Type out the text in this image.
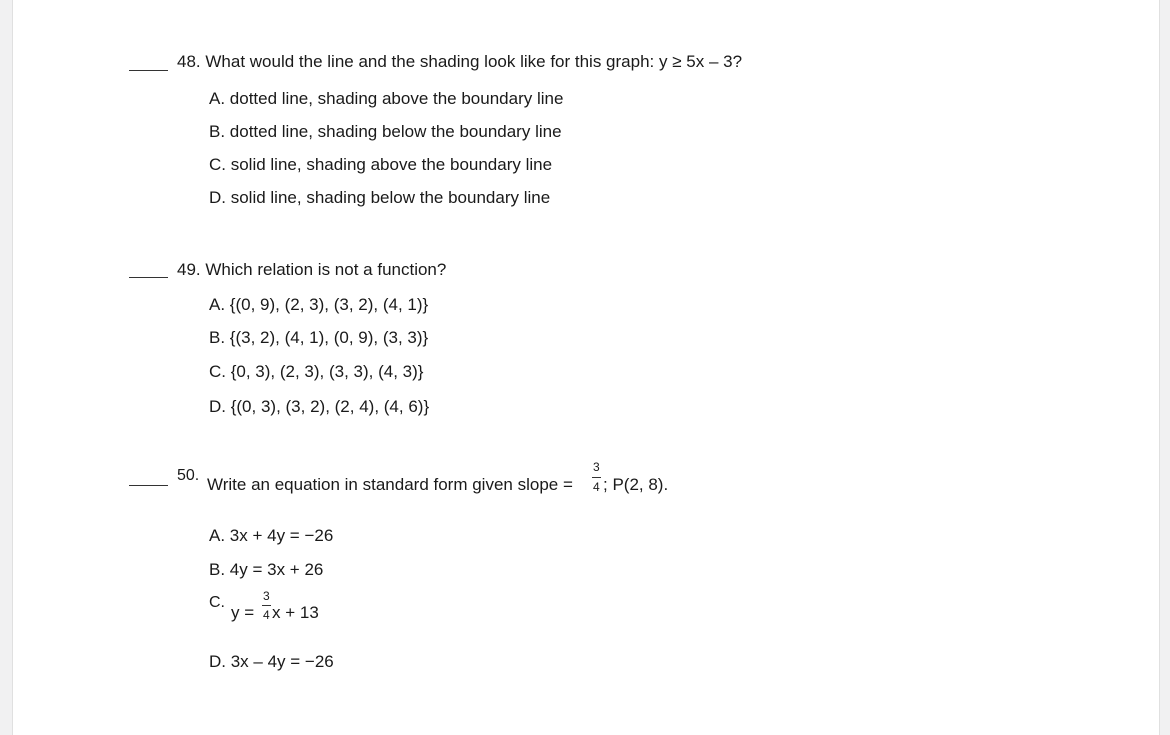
48. What would the line and the shading look like for this graph: y ≥ 5x – 3?
A. dotted line, shading above the boundary line
B. dotted line, shading below the boundary line
C. solid line, shading above the boundary line
D. solid line, shading below the boundary line
49. Which relation is not a function?
A. {(0, 9), (2, 3), (3, 2), (4, 1)}
B. {(3, 2), (4, 1), (0, 9), (3, 3)}
C. {0, 3), (2, 3), (3, 3), (4, 3)}
D. {(0, 3), (3, 2), (2, 4), (4, 6)}
50. Write an equation in standard form given slope =
3
4 ; P(2, 8).
A. 3x + 4y = −26
B. 4y = 3x + 26
C.
y =
3
4 x + 13
D. 3x – 4y = −26
